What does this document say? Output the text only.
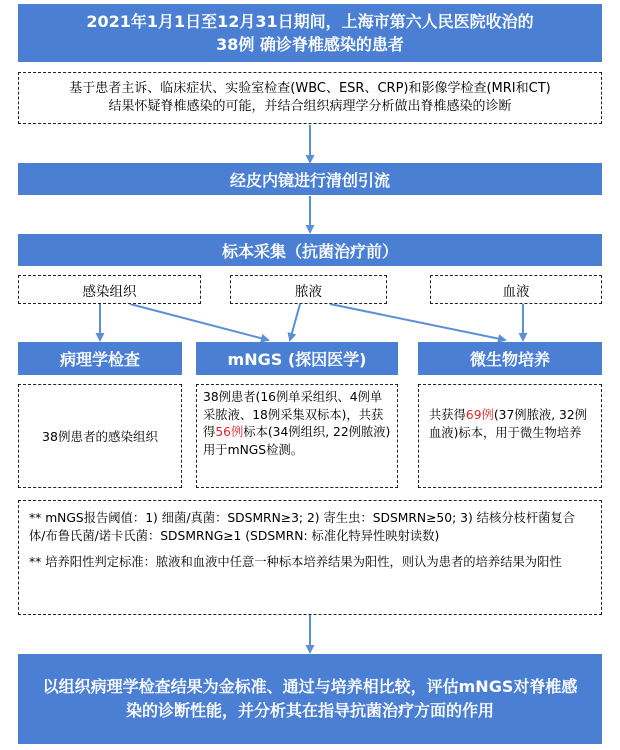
2021年1月1日至12月31日期间，上海市第六人民医院收治的
38例 确诊脊椎感染的患者
基于患者主诉、临床症状、实验室检查(WBC、ESR、CRP)和影像学检查(MRI和CT)
结果怀疑脊椎感染的可能，并结合组织病理学分析做出脊椎感染的诊断
经皮内镜进行清创引流
标本采集（抗菌治疗前）
感染组织	脓液	血液
病理学检查	mNGS (探因医学)	微生物培养
38例患者的感染组织
38例患者(16例单采组织、4例单采脓液、18例采集双标本)，共获得56例标本(34例组织, 22例脓液) 用于mNGS检测。
共获得69例(37例脓液, 32例血液)标本，用于微生物培养
** mNGS报告阈值：1) 细菌/真菌：SDSMRN≥3; 2) 寄生虫：SDSMRN≥50; 3) 结核分枝杆菌复合体/布鲁氏菌/诺卡氏菌：SDSMRNG≥1 (SDSMRN: 标准化特异性映射读数)
** 培养阳性判定标准：脓液和血液中任意一种标本培养结果为阳性，则认为患者的培养结果为阳性
以组织病理学检查结果为金标准、通过与培养相比较，评估mNGS对脊椎感染的诊断性能，并分析其在指导抗菌治疗方面的作用
